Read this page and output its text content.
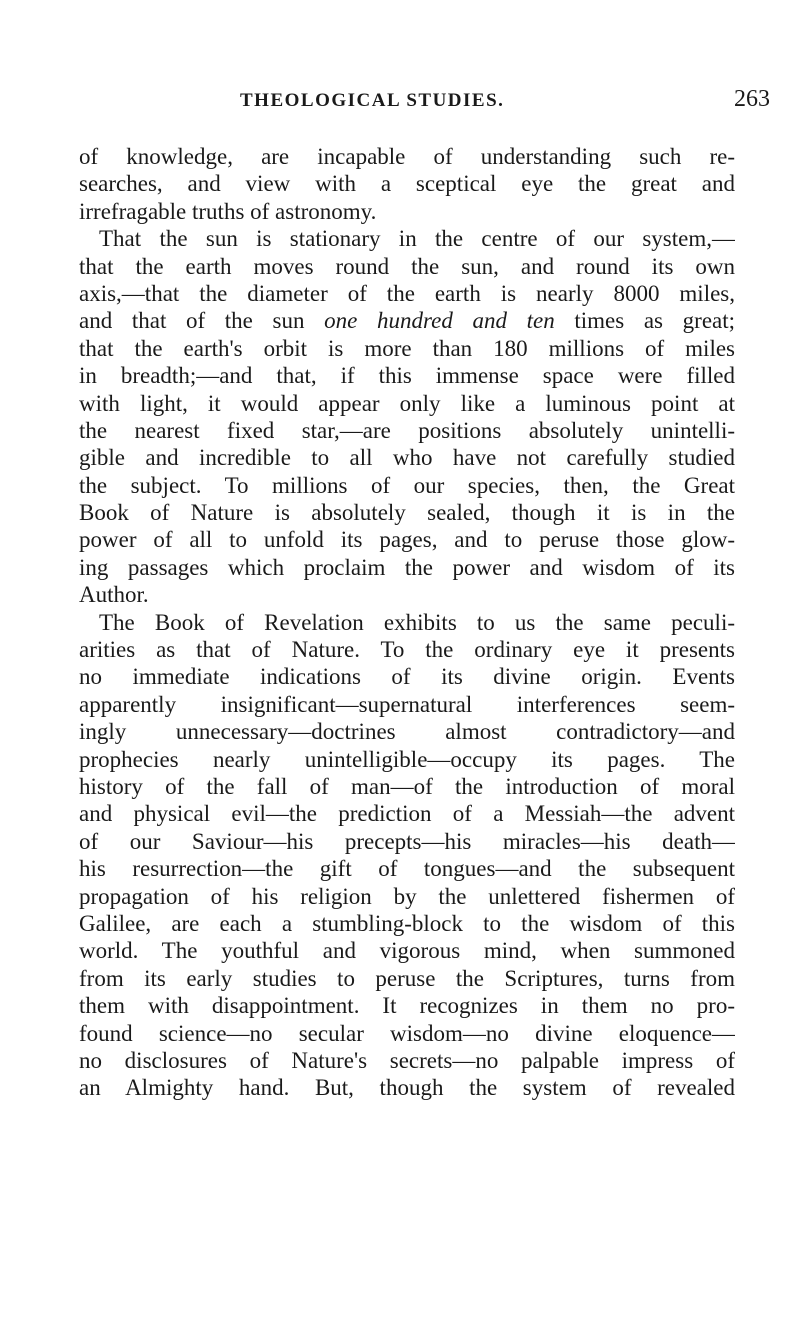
THEOLOGICAL STUDIES.	263
of knowledge, are incapable of understanding such re-
searches, and view with a sceptical eye the great and
irrefragable truths of astronomy.
That the sun is stationary in the centre of our system,—
that the earth moves round the sun, and round its own
axis,—that the diameter of the earth is nearly 8000 miles,
and that of the sun one hundred and ten times as great;
that the earth's orbit is more than 180 millions of miles
in breadth;—and that, if this immense space were filled
with light, it would appear only like a luminous point at
the nearest fixed star,—are positions absolutely unintelli-
gible and incredible to all who have not carefully studied
the subject. To millions of our species, then, the Great
Book of Nature is absolutely sealed, though it is in the
power of all to unfold its pages, and to peruse those glow-
ing passages which proclaim the power and wisdom of its
Author.
The Book of Revelation exhibits to us the same peculi-
arities as that of Nature. To the ordinary eye it presents
no immediate indications of its divine origin. Events
apparently insignificant—supernatural interferences seem-
ingly unnecessary—doctrines almost contradictory—and
prophecies nearly unintelligible—occupy its pages. The
history of the fall of man—of the introduction of moral
and physical evil—the prediction of a Messiah—the advent
of our Saviour—his precepts—his miracles—his death—
his resurrection—the gift of tongues—and the subsequent
propagation of his religion by the unlettered fishermen of
Galilee, are each a stumbling-block to the wisdom of this
world. The youthful and vigorous mind, when summoned
from its early studies to peruse the Scriptures, turns from
them with disappointment. It recognizes in them no pro-
found science—no secular wisdom—no divine eloquence—
no disclosures of Nature's secrets—no palpable impress of
an Almighty hand. But, though the system of revealed
